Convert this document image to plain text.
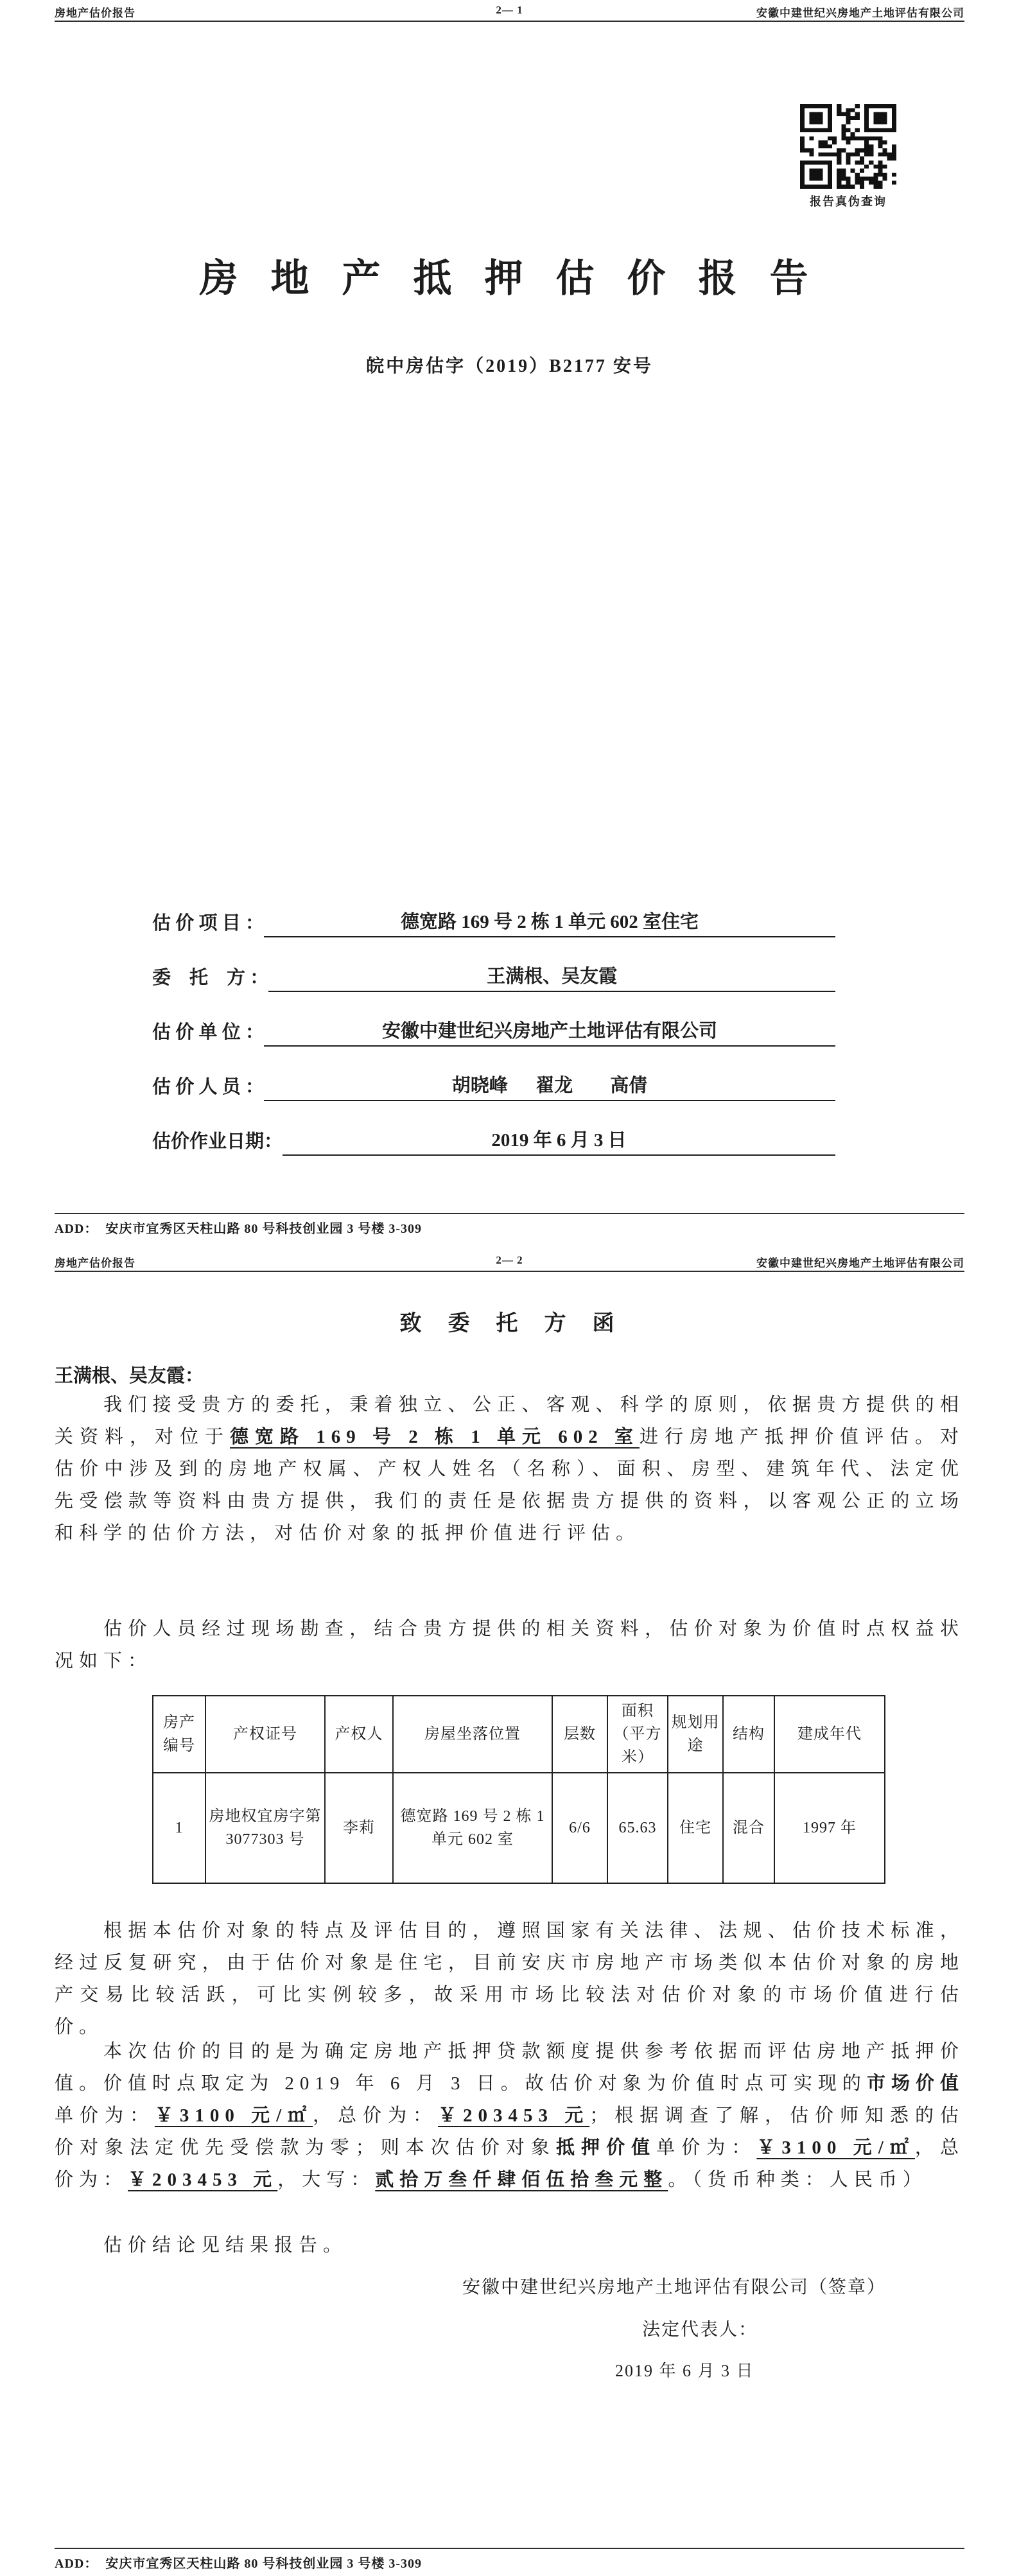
房地产估价报告	2— 1	安徽中建世纪兴房地产土地评估有限公司
报告真伪查询
房 地 产 抵 押 估 价 报 告
皖中房估字（2019）B2177 安号
估 价 项 目 ：	德宽路 169 号 2 栋 1 单元 602 室住宅
委    托    方 ：	王满根、吴友霞
估 价 单 位 ：	安徽中建世纪兴房地产土地评估有限公司
估 价 人 员 ：	胡晓峰      翟龙        高倩
估价作业日期：	2019 年 6 月 3 日
ADD：  安庆市宜秀区天柱山路 80 号科技创业园 3 号楼 3-309
房地产估价报告	2— 2	安徽中建世纪兴房地产土地评估有限公司
致  委  托  方  函
王满根、吴友霞：

我们接受贵方的委托，秉着独立、公正、客观、科学的原则，依据贵方提供的相关资料，对位于德宽路 169 号 2 栋 1 单元 602 室进行房地产抵押价值评估。对估价中涉及到的房地产权属、产权人姓名（名称）、面积、房型、建筑年代、法定优先受偿款等资料由贵方提供，我们的责任是依据贵方提供的资料，以客观公正的立场和科学的估价方法，对估价对象的抵押价值进行评估。

估价人员经过现场勘查，结合贵方提供的相关资料，估价对象为价值时点权益状况如下：

房产编号	产权证号	产权人	房屋坐落位置	层数	面积（平方米）	规划用途	结构	建成年代
1	房地权宜房字第 3077303 号	李莉	德宽路 169 号 2 栋 1 单元 602 室	6/6	65.63	住宅	混合	1997 年

根据本估价对象的特点及评估目的，遵照国家有关法律、法规、估价技术标准，经过反复研究，由于估价对象是住宅，目前安庆市房地产市场类似本估价对象的房地产交易比较活跃，可比实例较多，故采用市场比较法对估价对象的市场价值进行估价。

本次估价的目的是为确定房地产抵押贷款额度提供参考依据而评估房地产抵押价值。价值时点取定为 2019 年 6 月 3 日。故估价对象为价值时点可实现的市场价值单价为：￥3100 元/㎡，总价为：￥203453 元；根据调查了解，估价师知悉的估价对象法定优先受偿款为零；则本次估价对象抵押价值单价为：￥3100 元/㎡，总价为：￥203453 元，大写：贰拾万叁仟肆佰伍拾叁元整。（货币种类：人民币）

估价结论见结果报告。

安徽中建世纪兴房地产土地评估有限公司（签章）
法定代表人：
2019 年 6 月 3 日
ADD：  安庆市宜秀区天柱山路 80 号科技创业园 3 号楼 3-309
